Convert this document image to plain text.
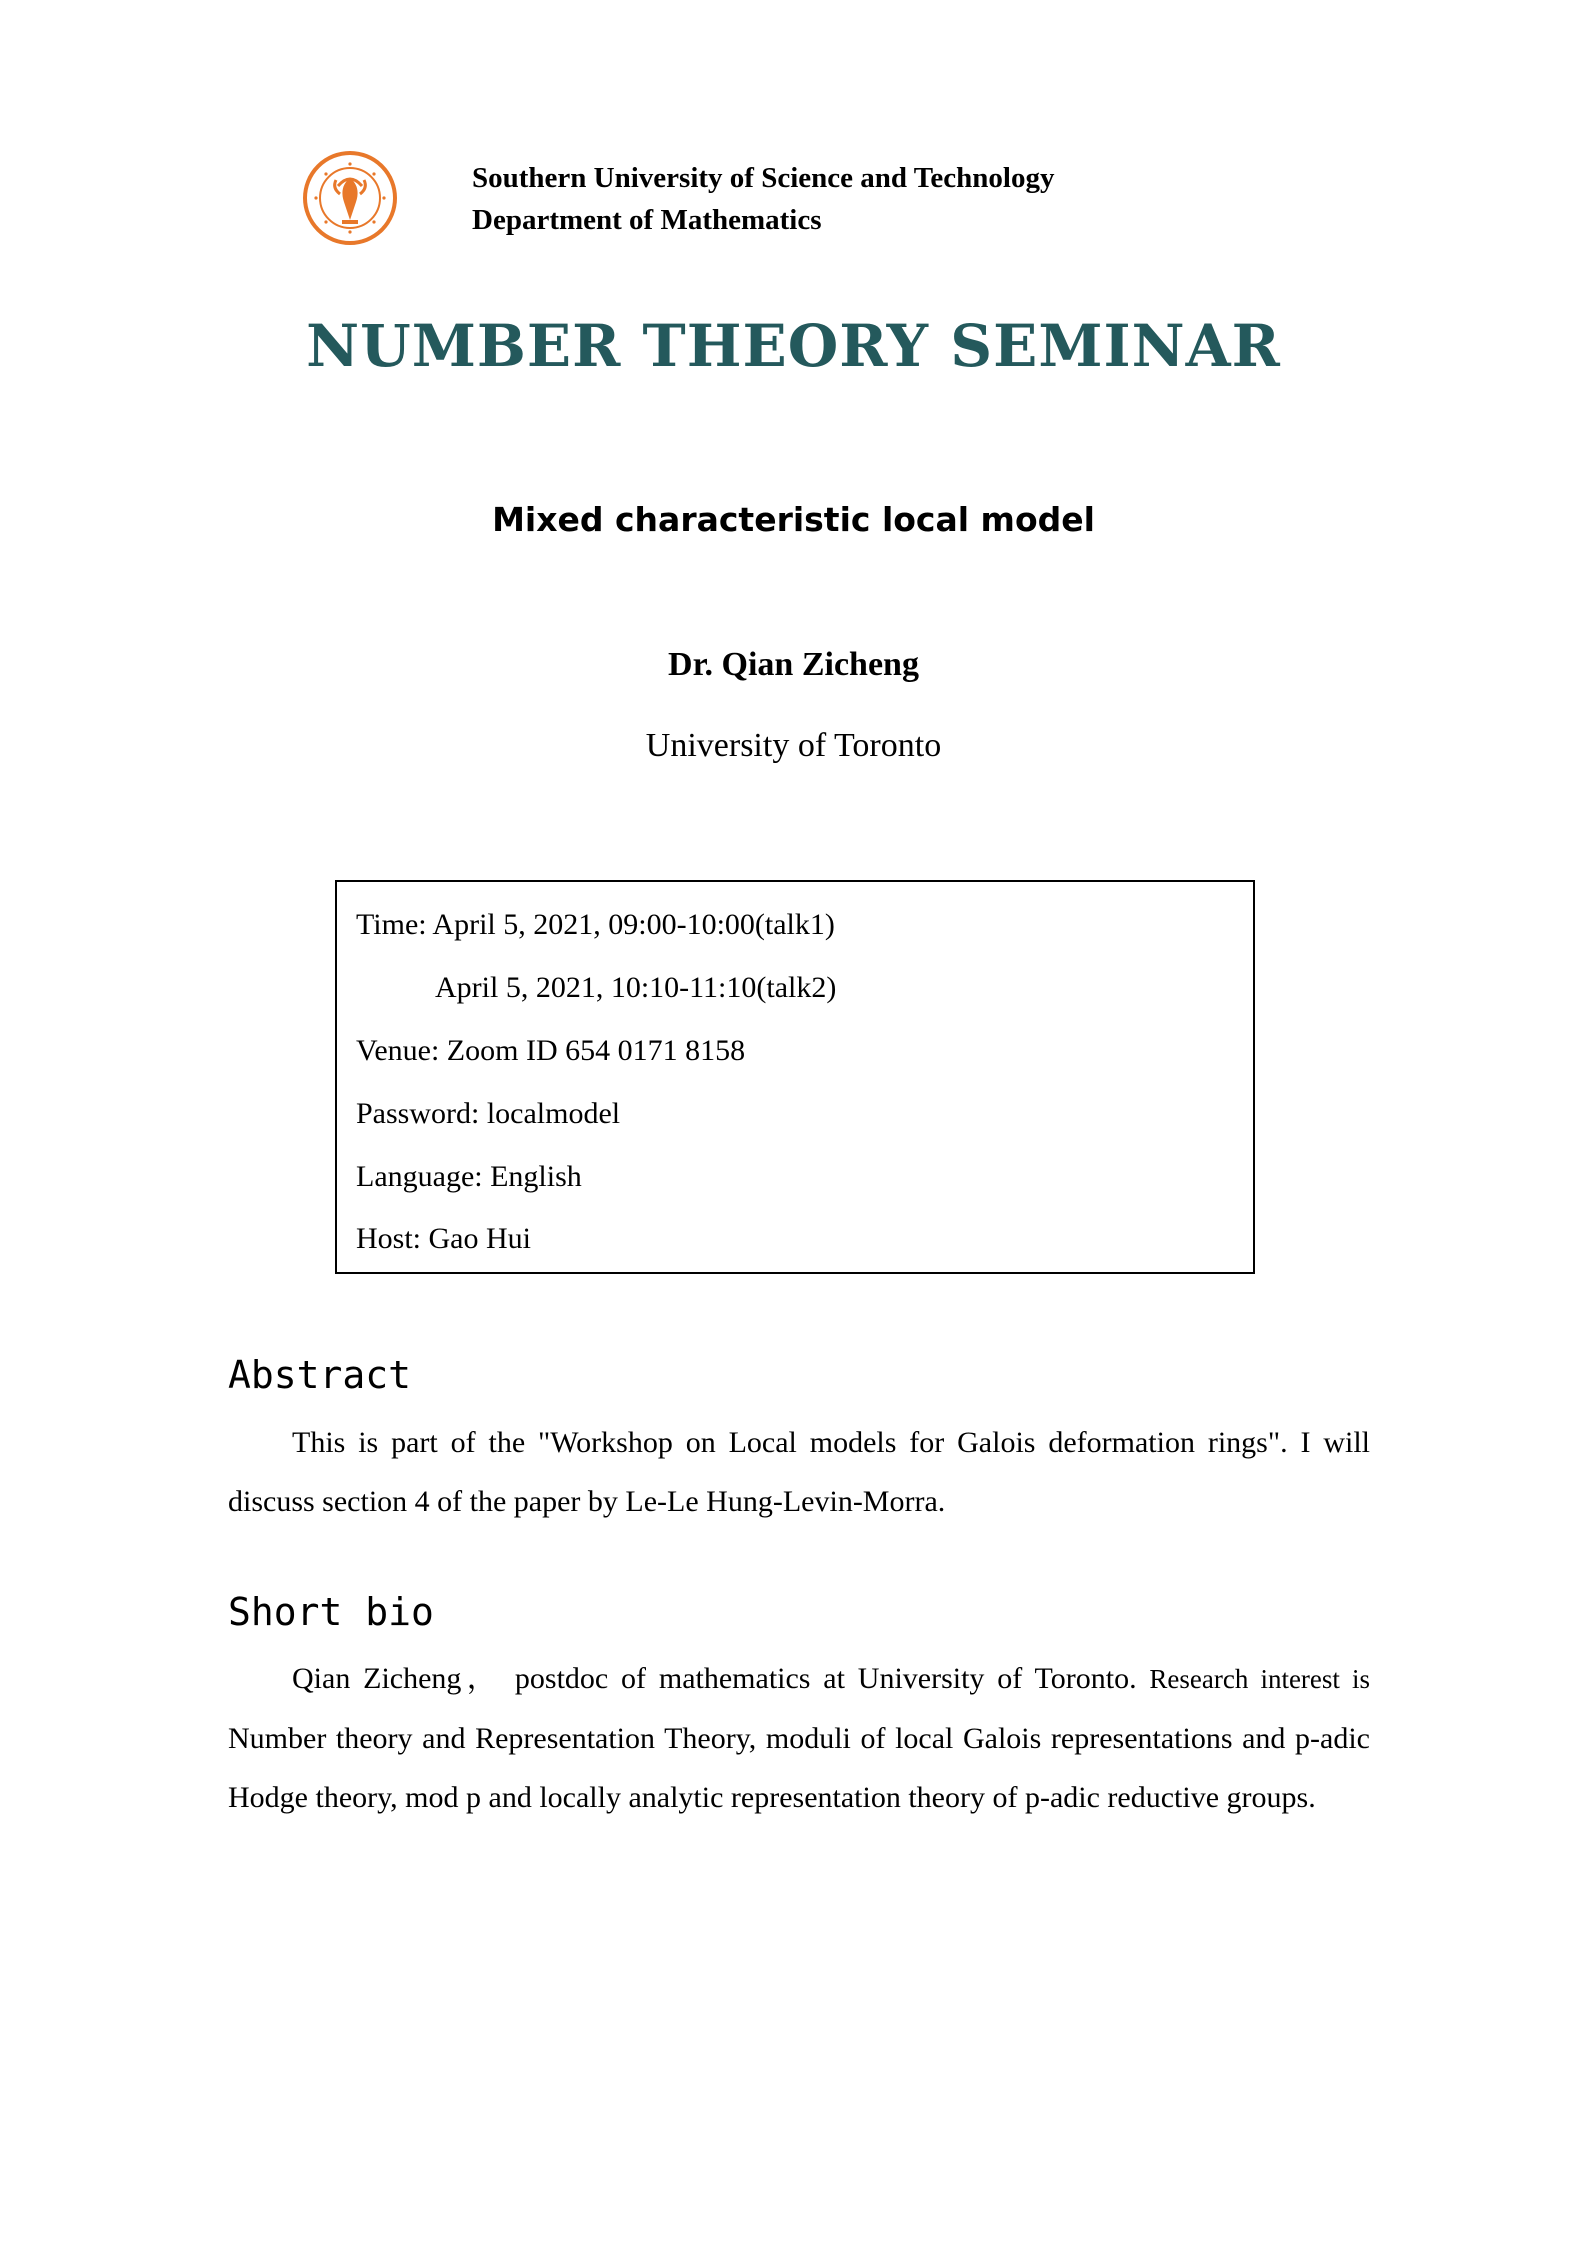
Southern University of Science and Technology
Department of Mathematics
NUMBER THEORY SEMINAR
Mixed characteristic local model
Dr. Qian Zicheng
University of Toronto
Time: April 5, 2021, 09:00-10:00(talk1)
April 5, 2021, 10:10-11:10(talk2)
Venue: Zoom ID 654 0171 8158
Password: localmodel
Language: English
Host: Gao Hui
Abstract
This is part of the "Workshop on Local models for Galois deformation rings". I will discuss section 4 of the paper by Le-Le Hung-Levin-Morra.
Short bio
Qian Zicheng， postdoc of mathematics at University of Toronto. Research interest is Number theory and Representation Theory, moduli of local Galois representations and p-adic Hodge theory, mod p and locally analytic representation theory of p-adic reductive groups.
